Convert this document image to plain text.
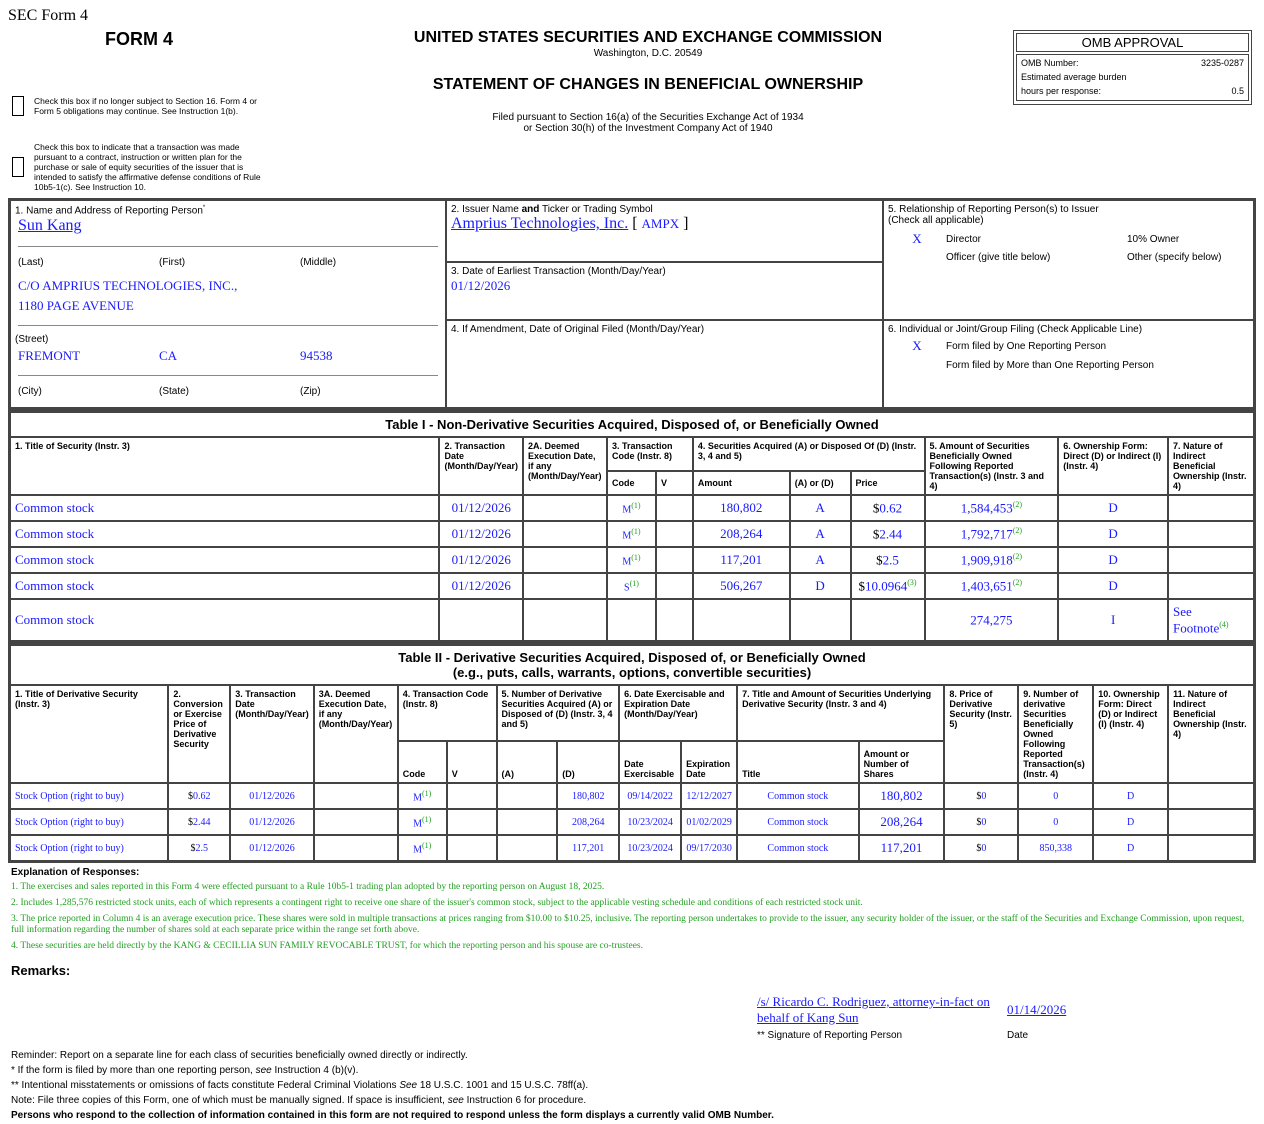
SEC Form 4
FORM 4	UNITED STATES SECURITIES AND EXCHANGE COMMISSION
Washington, D.C. 20549
STATEMENT OF CHANGES IN BENEFICIAL OWNERSHIP
Filed pursuant to Section 16(a) of the Securities Exchange Act of 1934
or Section 30(h) of the Investment Company Act of 1940
OMB APPROVAL
OMB Number:	3235-0287
Estimated average burden
hours per response:	0.5
Check this box if no longer subject to Section 16. Form 4 or Form 5 obligations may continue. See Instruction 1(b).
Check this box to indicate that a transaction was made pursuant to a contract, instruction or written plan for the purchase or sale of equity securities of the issuer that is intended to satisfy the affirmative defense conditions of Rule 10b5-1(c). See Instruction 10.
1. Name and Address of Reporting Person*
Sun Kang
(Last)	(First)	(Middle)
C/O AMPRIUS TECHNOLOGIES, INC.,
1180 PAGE AVENUE
(Street)
FREMONT	CA	94538
(City)	(State)	(Zip)
2. Issuer Name and Ticker or Trading Symbol
Amprius Technologies, Inc. [ AMPX ]
3. Date of Earliest Transaction (Month/Day/Year)
01/12/2026
4. If Amendment, Date of Original Filed (Month/Day/Year)
5. Relationship of Reporting Person(s) to Issuer
(Check all applicable)
X	Director	10% Owner
Officer (give title below)	Other (specify below)
6. Individual or Joint/Group Filing (Check Applicable Line)
X	Form filed by One Reporting Person
Form filed by More than One Reporting Person
Table I - Non-Derivative Securities Acquired, Disposed of, or Beneficially Owned										
1. Title of Security (Instr. 3)	2. Transaction Date (Month/Day/Year)	2A. Deemed Execution Date, if any (Month/Day/Year)	3. Transaction Code (Instr. 8)		4. Securities Acquired (A) or Disposed Of (D) (Instr. 3, 4 and 5)			5. Amount of Securities Beneficially Owned Following Reported Transaction(s) (Instr. 3 and 4)	6. Ownership Form: Direct (D) or Indirect (I) (Instr. 4)	7. Nature of Indirect Beneficial Ownership (Instr. 4)
			Code	V	Amount	(A) or (D)	Price			
Common stock	01/12/2026		M$^{(1)}$		180,802	A	$0.62	1,584,453$^{(2)}$	D	
Common stock	01/12/2026		M$^{(1)}$		208,264	A	$2.44	1,792,717$^{(2)}$	D	
Common stock	01/12/2026		M$^{(1)}$		117,201	A	$2.5	1,909,918$^{(2)}$	D	
Common stock	01/12/2026		S$^{(1)}$		506,267	D	$10.0964$^{(3)}$	1,403,651$^{(2)}$	D	
Common stock								274,275	I	See Footnote$^{(4)}$
Table II - Derivative Securities Acquired, Disposed of, or Beneficially Owned
(e.g., puts, calls, warrants, options, convertible securities)															

1. Title of Derivative Security (Instr. 3)	2. Conversion or Exercise Price of Derivative Security	3. Transaction Date (Month/Day/Year)	3A. Deemed Execution Date, if any (Month/Day/Year)	4. Transaction Code (Instr. 8)		5. Number of Derivative Securities Acquired (A) or Disposed of (D) (Instr. 3, 4 and 5)		6. Date Exercisable and Expiration Date (Month/Day/Year)		7. Title and Amount of Securities Underlying Derivative Security (Instr. 3 and 4)		8. Price of Derivative Security (Instr. 5)	9. Number of derivative Securities Beneficially Owned Following Reported Transaction(s) (Instr. 4)	10. Ownership Form: Direct (D) or Indirect (I) (Instr. 4)	11. Nature of Indirect Beneficial Ownership (Instr. 4)
				Code	V	(A)	(D)	Date Exercisable	Expiration Date	Title	Amount or Number of Shares				
Stock Option (right to buy)	$0.62	01/12/2026		M$^{(1)}$			180,802	09/14/2022	12/12/2027	Common stock	180,802	$0	0	D	
Stock Option (right to buy)	$2.44	01/12/2026		M$^{(1)}$			208,264	10/23/2024	01/02/2029	Common stock	208,264	$0	0	D	
Stock Option (right to buy)	$2.5	01/12/2026		M$^{(1)}$			117,201	10/23/2024	09/17/2030	Common stock	117,201	$0	850,338	D	
Explanation of Responses:
1. The exercises and sales reported in this Form 4 were effected pursuant to a Rule 10b5-1 trading plan adopted by the reporting person on August 18, 2025.
2. Includes 1,285,576 restricted stock units, each of which represents a contingent right to receive one share of the issuer's common stock, subject to the applicable vesting schedule and conditions of each restricted stock unit.
3. The price reported in Column 4 is an average execution price. These shares were sold in multiple transactions at prices ranging from $10.00 to $10.25, inclusive. The reporting person undertakes to provide to the issuer, any security holder of the issuer, or the staff of the Securities and Exchange Commission, upon request, full information regarding the number of shares sold at each separate price within the range set forth above.
4. These securities are held directly by the KANG & CECILLIA SUN FAMILY REVOCABLE TRUST, for which the reporting person and his spouse are co-trustees.
Remarks:
/s/ Ricardo C. Rodriguez, attorney-in-fact on behalf of Kang Sun
01/14/2026
** Signature of Reporting Person	Date
Reminder: Report on a separate line for each class of securities beneficially owned directly or indirectly.
* If the form is filed by more than one reporting person, see Instruction 4 (b)(v).
** Intentional misstatements or omissions of facts constitute Federal Criminal Violations See 18 U.S.C. 1001 and 15 U.S.C. 78ff(a).
Note: File three copies of this Form, one of which must be manually signed. If space is insufficient, see Instruction 6 for procedure.
Persons who respond to the collection of information contained in this form are not required to respond unless the form displays a currently valid OMB Number.
